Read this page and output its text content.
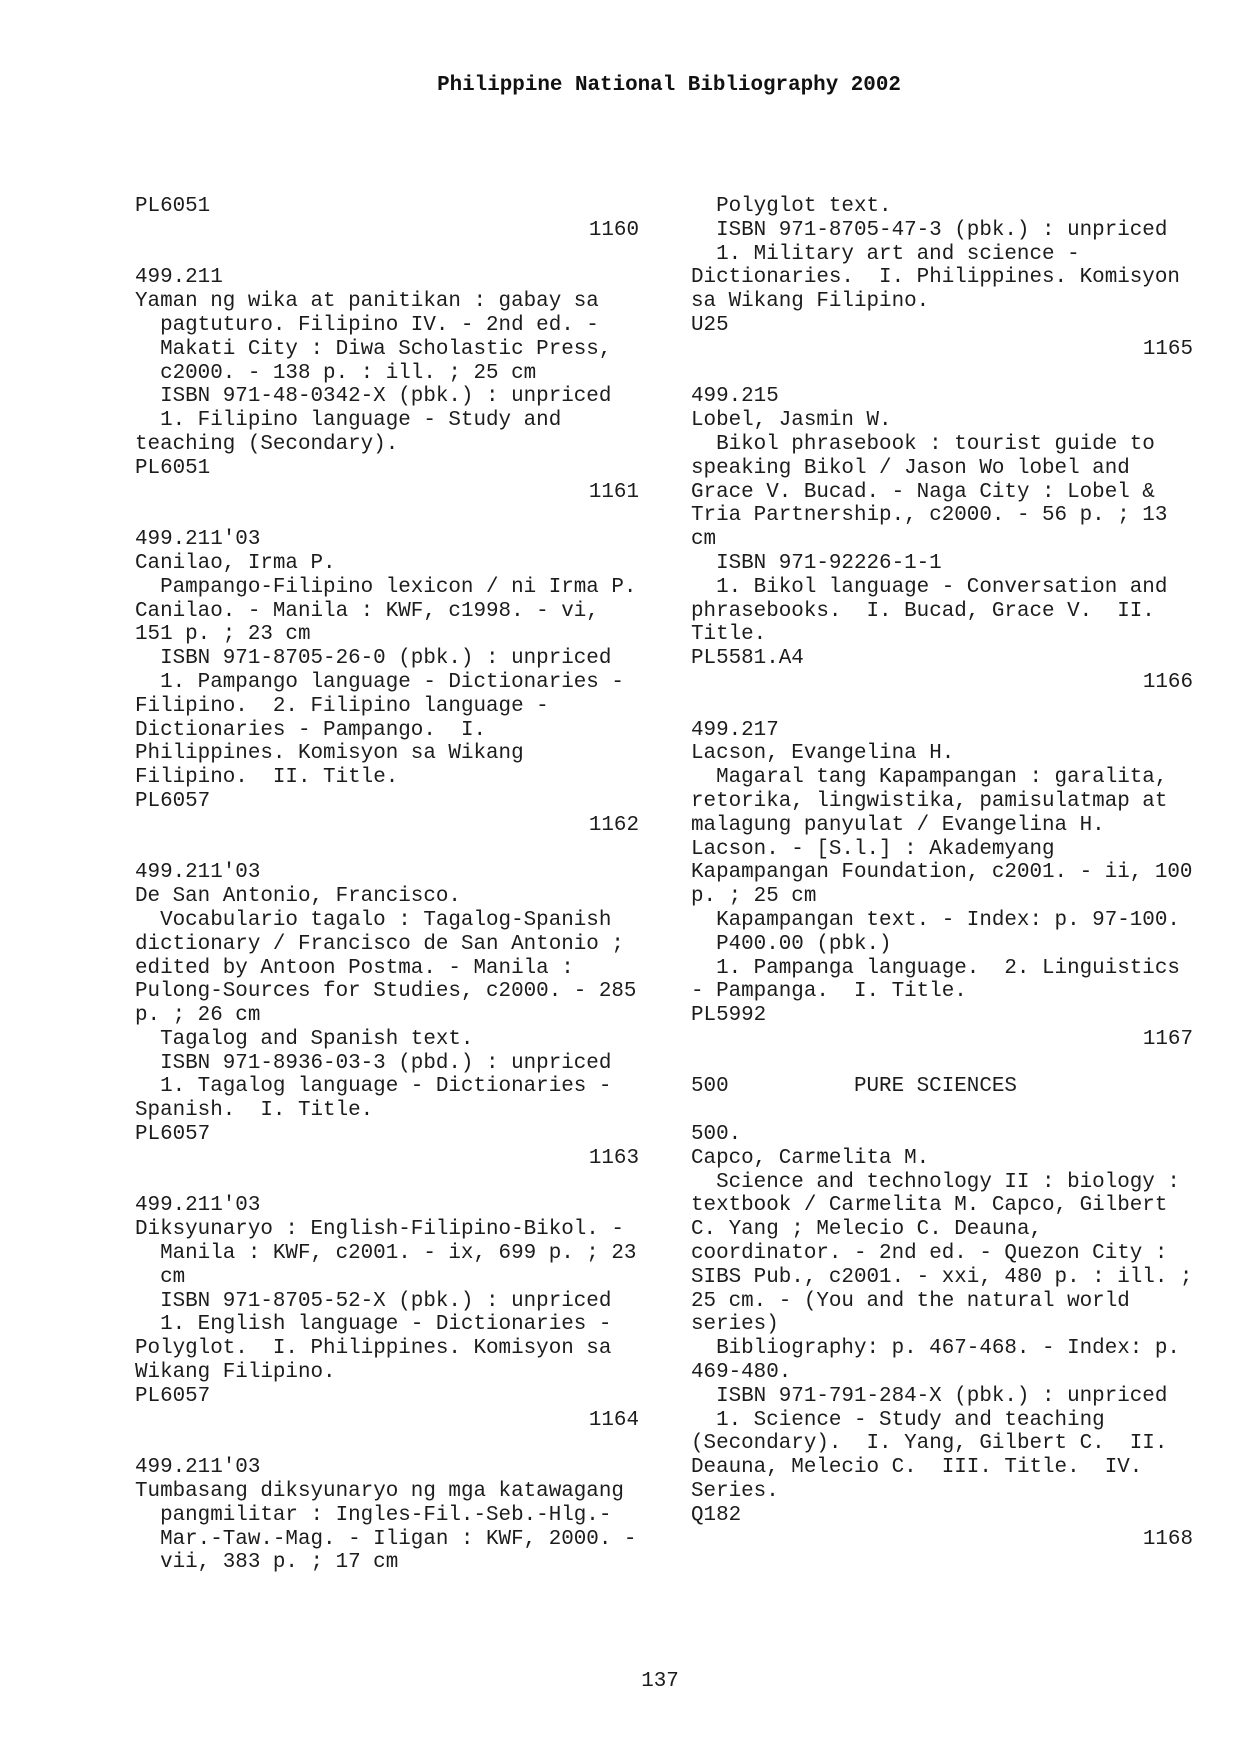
Philippine National Bibliography 2002
PL6051
1160
499.211
Yaman ng wika at panitikan : gabay sa
pagtuturo. Filipino IV. - 2nd ed. -
Makati City : Diwa Scholastic Press,
c2000. - 138 p. : ill. ; 25 cm
ISBN 971-48-0342-X (pbk.) : unpriced
1. Filipino language - Study and
teaching (Secondary).
PL6051
1161
499.211'03
Canilao, Irma P.
Pampango-Filipino lexicon / ni Irma P.
Canilao. - Manila : KWF, c1998. - vi,
151 p. ; 23 cm
ISBN 971-8705-26-0 (pbk.) : unpriced
1. Pampango language - Dictionaries -
Filipino.  2. Filipino language -
Dictionaries - Pampango.  I.
Philippines. Komisyon sa Wikang
Filipino.  II. Title.
PL6057
1162
499.211'03
De San Antonio, Francisco.
Vocabulario tagalo : Tagalog-Spanish
dictionary / Francisco de San Antonio ;
edited by Antoon Postma. - Manila :
Pulong-Sources for Studies, c2000. - 285
p. ; 26 cm
Tagalog and Spanish text.
ISBN 971-8936-03-3 (pbd.) : unpriced
1. Tagalog language - Dictionaries -
Spanish.  I. Title.
PL6057
1163
499.211'03
Diksyunaryo : English-Filipino-Bikol. -
Manila : KWF, c2001. - ix, 699 p. ; 23
cm
ISBN 971-8705-52-X (pbk.) : unpriced
1. English language - Dictionaries -
Polyglot.  I. Philippines. Komisyon sa
Wikang Filipino.
PL6057
1164
499.211'03
Tumbasang diksyunaryo ng mga katawagang
pangmilitar : Ingles-Fil.-Seb.-Hlg.-
Mar.-Taw.-Mag. - Iligan : KWF, 2000. -
vii, 383 p. ; 17 cm
Polyglot text.
ISBN 971-8705-47-3 (pbk.) : unpriced
1. Military art and science -
Dictionaries.  I. Philippines. Komisyon
sa Wikang Filipino.
U25
1165
499.215
Lobel, Jasmin W.
Bikol phrasebook : tourist guide to
speaking Bikol / Jason Wo lobel and
Grace V. Bucad. - Naga City : Lobel &
Tria Partnership., c2000. - 56 p. ; 13
cm
ISBN 971-92226-1-1
1. Bikol language - Conversation and
phrasebooks.  I. Bucad, Grace V.  II.
Title.
PL5581.A4
1166
499.217
Lacson, Evangelina H.
Magaral tang Kapampangan : garalita,
retorika, lingwistika, pamisulatmap at
malagung panyulat / Evangelina H.
Lacson. - [S.l.] : Akademyang
Kapampangan Foundation, c2001. - ii, 100
p. ; 25 cm
Kapampangan text. - Index: p. 97-100.
P400.00 (pbk.)
1. Pampanga language.  2. Linguistics
- Pampanga.  I. Title.
PL5992
1167
500	PURE SCIENCES
500.
Capco, Carmelita M.
Science and technology II : biology :
textbook / Carmelita M. Capco, Gilbert
C. Yang ; Melecio C. Deauna,
coordinator. - 2nd ed. - Quezon City :
SIBS Pub., c2001. - xxi, 480 p. : ill. ;
25 cm. - (You and the natural world
series)
Bibliography: p. 467-468. - Index: p.
469-480.
ISBN 971-791-284-X (pbk.) : unpriced
1. Science - Study and teaching
(Secondary).  I. Yang, Gilbert C.  II.
Deauna, Melecio C.  III. Title.  IV.
Series.
Q182
1168
137
